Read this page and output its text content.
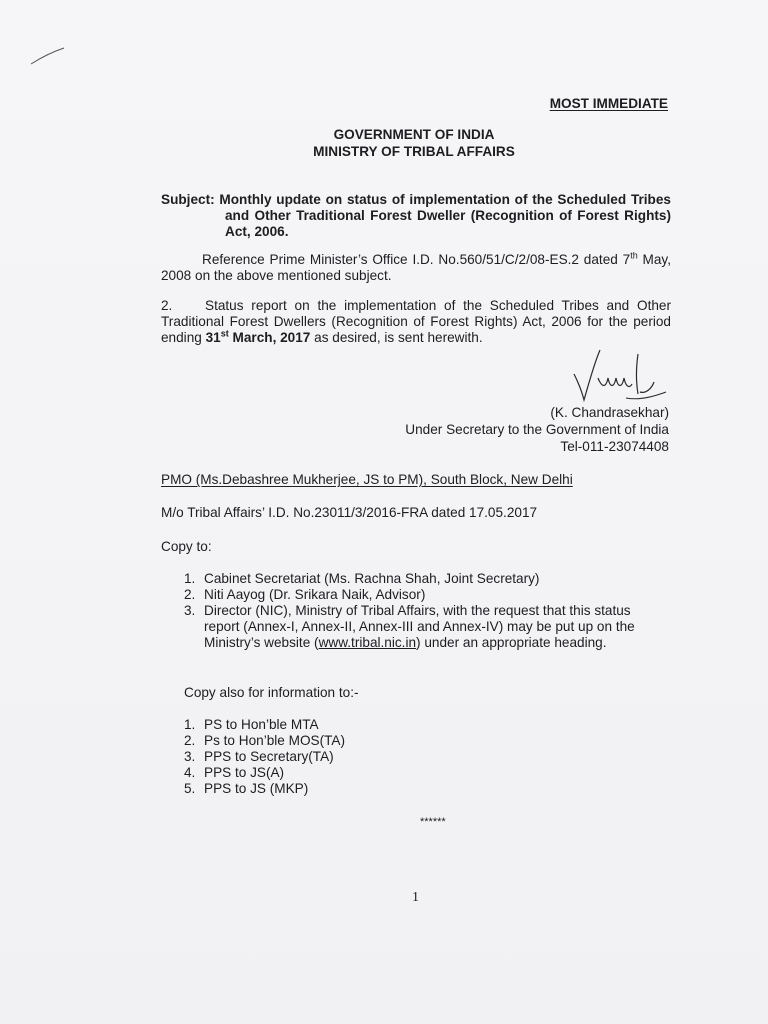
MOST IMMEDIATE
GOVERNMENT OF INDIA
MINISTRY OF TRIBAL AFFAIRS
Subject: Monthly update on status of implementation of the Scheduled Tribes and Other Traditional Forest Dweller (Recognition of Forest Rights) Act, 2006.
Reference Prime Minister’s Office I.D. No.560/51/C/2/08-ES.2 dated 7th May, 2008 on the above mentioned subject.
2. Status report on the implementation of the Scheduled Tribes and Other Traditional Forest Dwellers (Recognition of Forest Rights) Act, 2006 for the period ending 31st March, 2017 as desired, is sent herewith.
(K. Chandrasekhar)
Under Secretary to the Government of India
Tel-011-23074408
PMO (Ms.Debashree Mukherjee, JS to PM), South Block, New Delhi
M/o Tribal Affairs’ I.D. No.23011/3/2016-FRA dated 17.05.2017
Copy to:
1. Cabinet Secretariat (Ms. Rachna Shah, Joint Secretary)
2. Niti Aayog (Dr. Srikara Naik, Advisor)
3. Director (NIC), Ministry of Tribal Affairs, with the request that this status report (Annex-I, Annex-II, Annex-III and Annex-IV) may be put up on the Ministry’s website (www.tribal.nic.in) under an appropriate heading.
Copy also for information to:-
1. PS to Hon’ble MTA
2. Ps to Hon’ble MOS(TA)
3. PPS to Secretary(TA)
4. PPS to JS(A)
5. PPS to JS (MKP)
******
1
